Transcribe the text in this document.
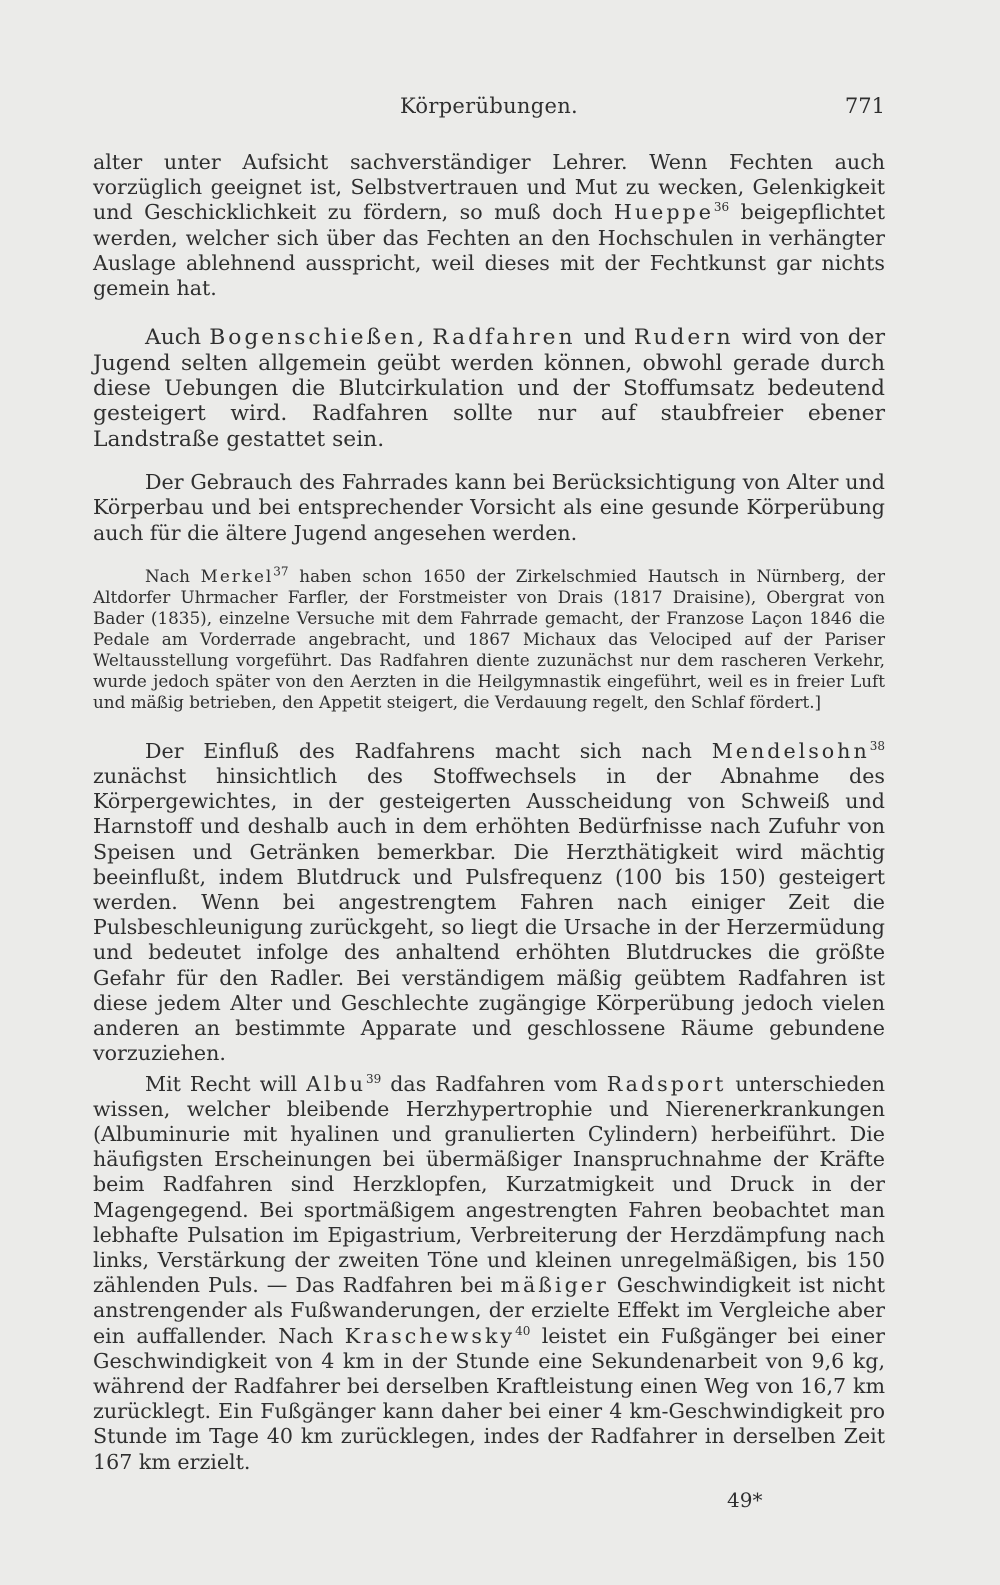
Körperübungen.	771

alter unter Aufsicht sachverständiger Lehrer. Wenn Fechten auch vorzüglich geeignet ist, Selbstvertrauen und Mut zu wecken, Gelenkigkeit und Geschicklichkeit zu fördern, so muß doch Hueppe$^{36}$ beigepflichtet werden, welcher sich über das Fechten an den Hochschulen in verhängter Auslage ablehnend ausspricht, weil dieses mit der Fechtkunst gar nichts gemein hat.

Auch Bogenschießen, Radfahren und Rudern wird von der Jugend selten allgemein geübt werden können, obwohl gerade durch diese Uebungen die Blutcirkulation und der Stoffumsatz bedeutend gesteigert wird. Radfahren sollte nur auf staubfreier ebener Landstraße gestattet sein.

Der Gebrauch des Fahrrades kann bei Berücksichtigung von Alter und Körperbau und bei entsprechender Vorsicht als eine gesunde Körperübung auch für die ältere Jugend angesehen werden.

Nach Merkel$^{37}$ haben schon 1650 der Zirkelschmied Hautsch in Nürnberg, der Altdorfer Uhrmacher Farfler, der Forstmeister von Drais (1817 Draisine), Obergrat von Bader (1835), einzelne Versuche mit dem Fahrrade gemacht, der Franzose Laçon 1846 die Pedale am Vorderrade angebracht, und 1867 Michaux das Velociped auf der Pariser Weltausstellung vorgeführt. Das Radfahren diente zuzunächst nur dem rascheren Verkehr, wurde jedoch später von den Aerzten in die Heilgymnastik eingeführt, weil es in freier Luft und mäßig betrieben, den Appetit steigert, die Verdauung regelt, den Schlaf fördert.]

Der Einfluß des Radfahrens macht sich nach Mendelsohn$^{38}$ zunächst hinsichtlich des Stoffwechsels in der Abnahme des Körpergewichtes, in der gesteigerten Ausscheidung von Schweiß und Harnstoff und deshalb auch in dem erhöhten Bedürfnisse nach Zufuhr von Speisen und Getränken bemerkbar. Die Herzthätigkeit wird mächtig beeinflußt, indem Blutdruck und Pulsfrequenz (100 bis 150) gesteigert werden. Wenn bei angestrengtem Fahren nach einiger Zeit die Pulsbeschleunigung zurückgeht, so liegt die Ursache in der Herzermüdung und bedeutet infolge des anhaltend erhöhten Blutdruckes die größte Gefahr für den Radler. Bei verständigem mäßig geübtem Radfahren ist diese jedem Alter und Geschlechte zugängige Körperübung jedoch vielen anderen an bestimmte Apparate und geschlossene Räume gebundene vorzuziehen.

Mit Recht will Albu$^{39}$ das Radfahren vom Radsport unterschieden wissen, welcher bleibende Herzhypertrophie und Nierenerkrankungen (Albuminurie mit hyalinen und granulierten Cylindern) herbeiführt. Die häufigsten Erscheinungen bei übermäßiger Inanspruchnahme der Kräfte beim Radfahren sind Herzklopfen, Kurzatmigkeit und Druck in der Magengegend. Bei sportmäßigem angestrengten Fahren beobachtet man lebhafte Pulsation im Epigastrium, Verbreiterung der Herzdämpfung nach links, Verstärkung der zweiten Töne und kleinen unregelmäßigen, bis 150 zählenden Puls. — Das Radfahren bei mäßiger Geschwindigkeit ist nicht anstrengender als Fußwanderungen, der erzielte Effekt im Vergleiche aber ein auffallender. Nach Kraschewsky$^{40}$ leistet ein Fußgänger bei einer Geschwindigkeit von 4 km in der Stunde eine Sekundenarbeit von 9,6 kg, während der Radfahrer bei derselben Kraftleistung einen Weg von 16,7 km zurücklegt. Ein Fußgänger kann daher bei einer 4 km-Geschwindigkeit pro Stunde im Tage 40 km zurücklegen, indes der Radfahrer in derselben Zeit 167 km erzielt.

49*
